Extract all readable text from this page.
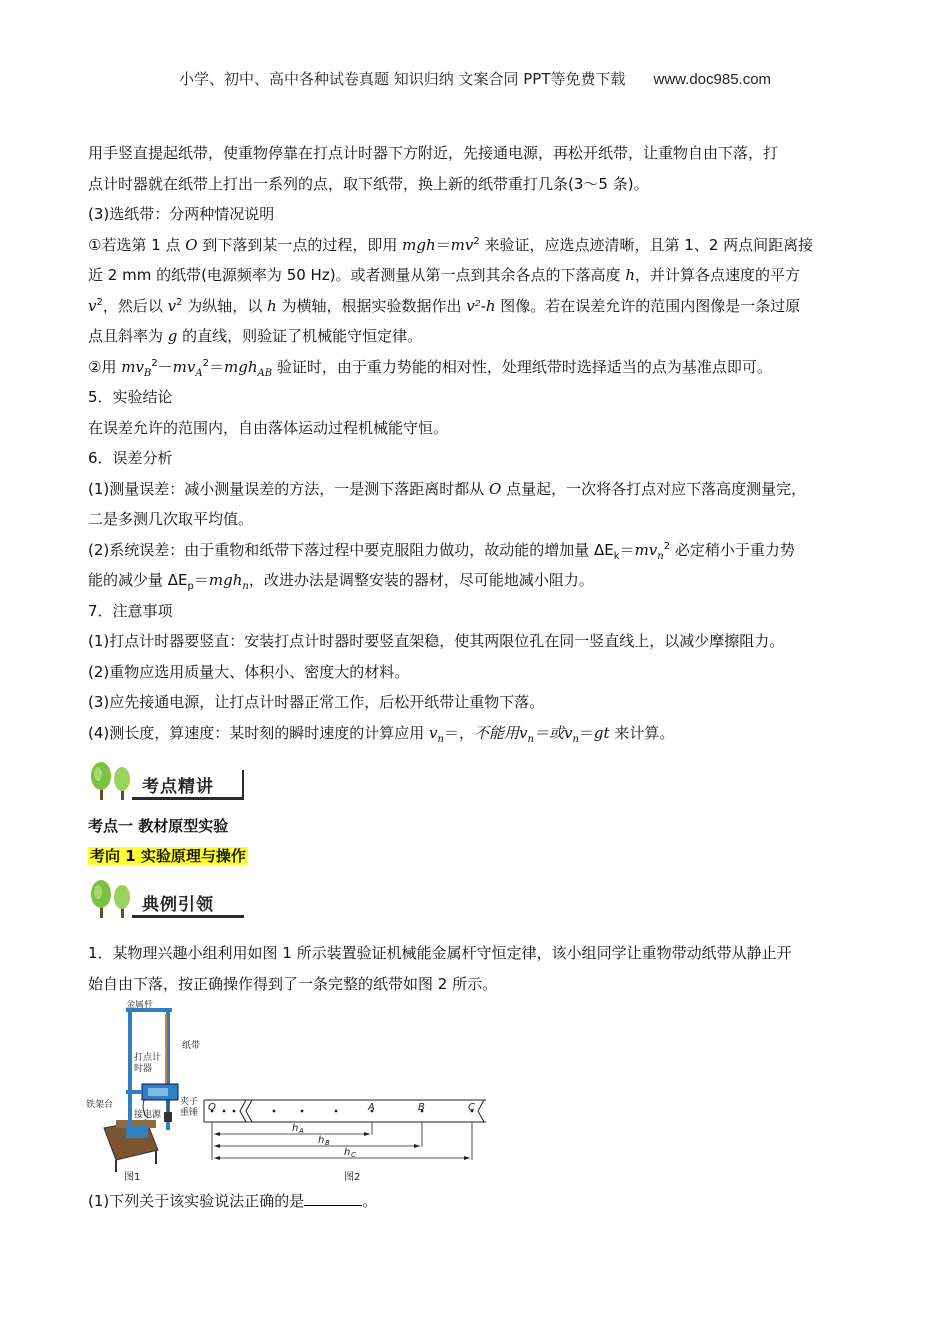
小学、初中、高中各种试卷真题 知识归纳 文案合同 PPT等免费下载 www.doc985.com

用手竖直提起纸带，使重物停靠在打点计时器下方附近，先接通电源，再松开纸带，让重物自由下落，打

点计时器就在纸带上打出一系列的点，取下纸带，换上新的纸带重打几条(3～5 条)。

(3)选纸带：分两种情况说明

①若选第 1 点 O 到下落到某一点的过程，即用 $mgh=mv^2$ 来验证，应选点迹清晰，且第 1、2 两点间距离接

近 2 mm 的纸带(电源频率为 50 Hz)。或者测量从第一点到其余各点的下落高度 h，并计算各点速度的平方

$v^2$，然后以 $v^2$ 为纵轴，以 h 为横轴，根据实验数据作出 v²-h 图像。若在误差允许的范围内图像是一条过原

点且斜率为 g 的直线，则验证了机械能守恒定律。

②用 $mv_B^2-mv_A^2=mgh_{AB}$ 验证时，由于重力势能的相对性，处理纸带时选择适当的点为基准点即可。

5．实验结论

在误差允许的范围内，自由落体运动过程机械能守恒。

6．误差分析

(1)测量误差：减小测量误差的方法，一是测下落距离时都从 O 点量起，一次将各打点对应下落高度测量完，

二是多测几次取平均值。

(2)系统误差：由于重物和纸带下落过程中要克服阻力做功，故动能的增加量 $\Delta E_k=mv_n^2$ 必定稍小于重力势

能的减少量 $\Delta E_p=mgh_n$，改进办法是调整安装的器材，尽可能地减小阻力。

7．注意事项

(1)打点计时器要竖直：安装打点计时器时要竖直架稳，使其两限位孔在同一竖直线上，以减少摩擦阻力。

(2)重物应选用质量大、体积小、密度大的材料。

(3)应先接通电源，让打点计时器正常工作，后松开纸带让重物下落。

(4)测长度，算速度：某时刻的瞬时速度的计算应用 $v_n=$，不能用$v_n=$或$v_n=gt$ 来计算。

考点精讲
考点一 教材原型实验
考向 1 实验原理与操作
典例引领
1．某物理兴趣小组利用如图 1 所示装置验证机械能金属杆守恒定律，该小组同学让重物带动纸带从静止开
始自由下落，按正确操作得到了一条完整的纸带如图 2 所示。
金属杆
纸带
打点计
时器
铁架台	夹子
重锤
接电源
图1
O	A	B	C
h A
h B
h C
图2
(1)下列关于该实验说法正确的是	。
